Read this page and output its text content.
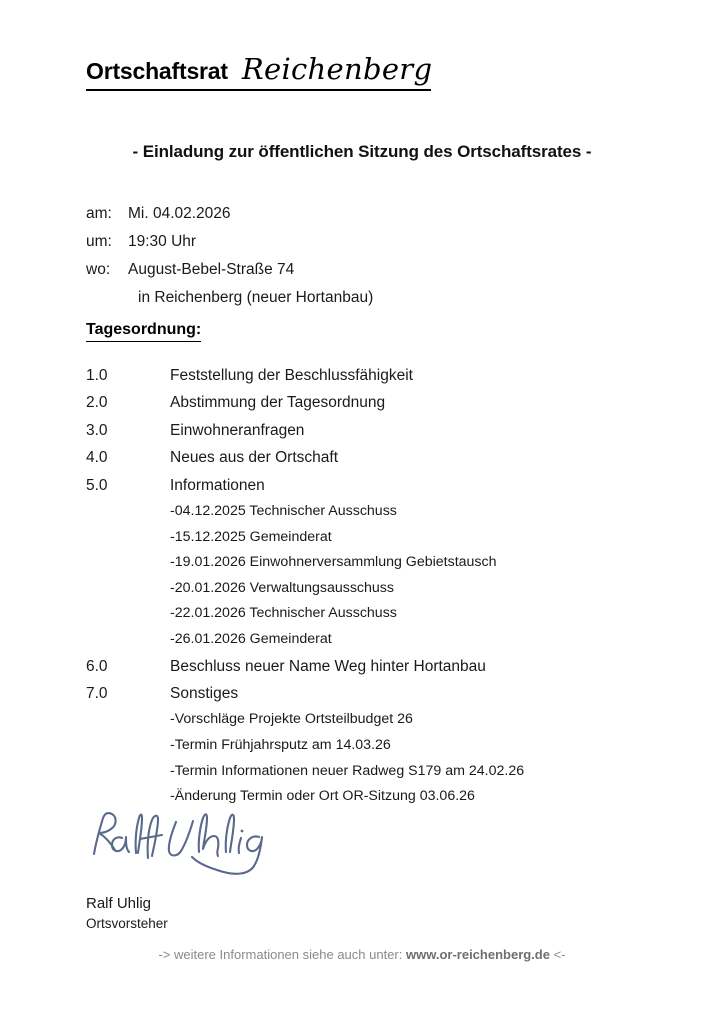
Ortschaftsrat Reichenberg
- Einladung zur öffentlichen Sitzung des Ortschaftsrates -
am:	Mi. 04.02.2026
um:	19:30 Uhr
wo:	August-Bebel-Straße 74
in Reichenberg (neuer Hortanbau)
Tagesordnung:
1.0	Feststellung der Beschlussfähigkeit
2.0	Abstimmung der Tagesordnung
3.0	Einwohneranfragen
4.0	Neues aus der Ortschaft
5.0	Informationen
-04.12.2025 Technischer Ausschuss
-15.12.2025 Gemeinderat
-19.01.2026 Einwohnerversammlung Gebietstausch
-20.01.2026 Verwaltungsausschuss
-22.01.2026 Technischer Ausschuss
-26.01.2026 Gemeinderat
6.0	Beschluss neuer Name Weg hinter Hortanbau
7.0	Sonstiges
-Vorschläge Projekte Ortsteilbudget 26
-Termin Frühjahrsputz am 14.03.26
-Termin Informationen neuer Radweg S179 am 24.02.26
-Änderung Termin oder Ort OR-Sitzung 03.06.26
Ralf Uhlig
Ortsvorsteher
-> weitere Informationen siehe auch unter: www.or-reichenberg.de <-
